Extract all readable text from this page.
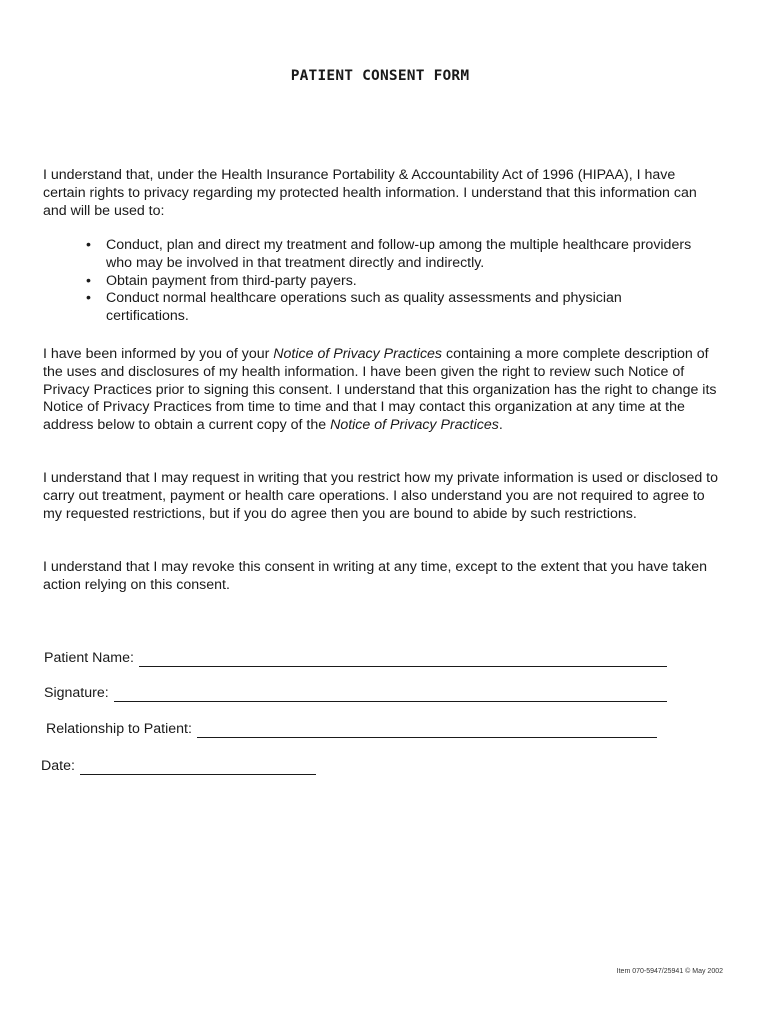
PATIENT CONSENT FORM

I understand that, under the Health Insurance Portability & Accountability Act of 1996 (HIPAA), I have certain rights to privacy regarding my protected health information. I understand that this information can and will be used to:

• Conduct, plan and direct my treatment and follow-up among the multiple healthcare providers who may be involved in that treatment directly and indirectly.
• Obtain payment from third-party payers.
• Conduct normal healthcare operations such as quality assessments and physician certifications.

I have been informed by you of your Notice of Privacy Practices containing a more complete description of the uses and disclosures of my health information. I have been given the right to review such Notice of Privacy Practices prior to signing this consent. I understand that this organization has the right to change its Notice of Privacy Practices from time to time and that I may contact this organization at any time at the address below to obtain a current copy of the Notice of Privacy Practices.

I understand that I may request in writing that you restrict how my private information is used or disclosed to carry out treatment, payment or health care operations. I also understand you are not required to agree to my requested restrictions, but if you do agree then you are bound to abide by such restrictions.

I understand that I may revoke this consent in writing at any time, except to the extent that you have taken action relying on this consent.

Patient Name:
Signature:
Relationship to Patient:
Date:
Item 070-5947/25941 © May 2002
